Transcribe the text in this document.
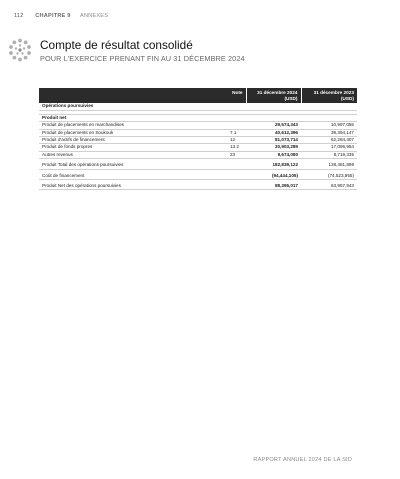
112 CHAPITRE 9 ANNEXES
Compte de résultat consolidé
POUR L'EXERCICE PRENANT FIN AU 31 DÉCEMBRE 2024
	Note	31 décembre 2024 (USD)	31 décembre 2023 (USD)
Opérations poursuivies			

Produit net			
Produit de placements en marchandises		29,574,343	10,997,055
Produit de placements en Soukouk	7.1	40,612,396	39,394,147
Produit d'actifs de financement	12	81,073,714	62,284,407
Produit de fonds propres	13.2	20,903,289	17,096,954
Autres revenus	23	9,674,080	8,719,335

Produit Total des opérations poursuivies		182,839,122	138,481,898

Coût de financement		(94,444,105)	(74,523,955)

Produit Net des opérations poursuivies		88,395,017	63,957,943
RAPPORT ANNUEL 2024 DE LA SID
